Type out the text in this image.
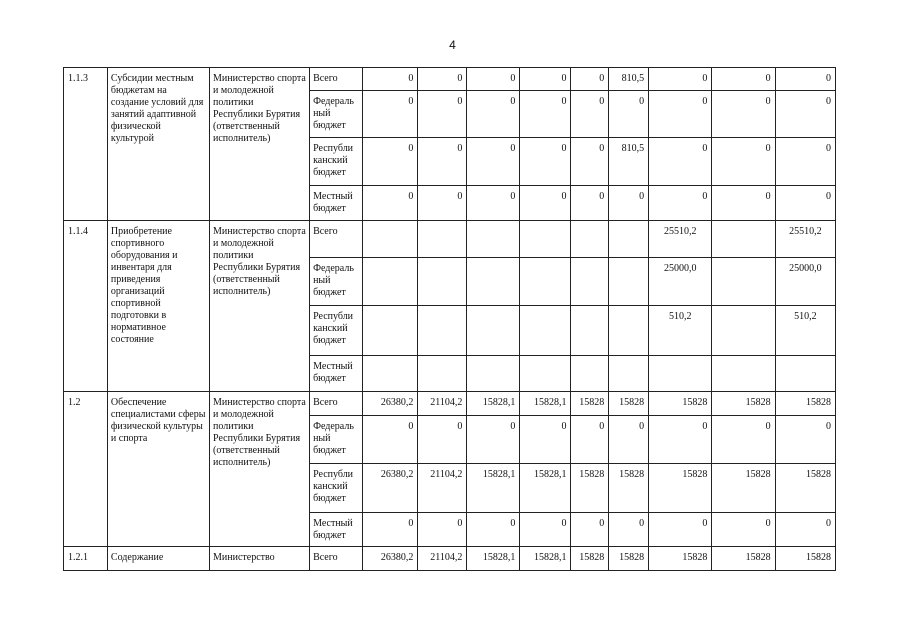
4
1.1.3	Субсидии местным бюджетам на создание условий для занятий адаптивной физической культурой	Министерство спорта и молодежной политики Республики Бурятия (ответственный исполнитель)	Всего	0	0	0	0	0	810,5	0	0	0
			Федераль ный бюджет	0	0	0	0	0	0	0	0	0
			Республи канский бюджет	0	0	0	0	0	810,5	0	0	0
			Местный бюджет	0	0	0	0	0	0	0	0	0
1.1.4	Приобретение спортивного оборудования и инвентаря для приведения организаций спортивной подготовки в нормативное состояние	Министерство спорта и молодежной политики Республики Бурятия (ответственный исполнитель)	Всего							25510,2		25510,2
			Федераль ный бюджет							25000,0		25000,0
			Республи канский бюджет							510,2		510,2
			Местный бюджет									
1.2	Обеспечение специалистами сферы физической культуры и спорта	Министерство спорта и молодежной политики Республики Бурятия (ответственный исполнитель)	Всего	26380,2	21104,2	15828,1	15828,1	15828	15828	15828	15828	15828
			Федераль ный бюджет	0	0	0	0	0	0	0	0	0
			Республи канский бюджет	26380,2	21104,2	15828,1	15828,1	15828	15828	15828	15828	15828
			Местный бюджет	0	0	0	0	0	0	0	0	0
1.2.1	Содержание	Министерство	Всего	26380,2	21104,2	15828,1	15828,1	15828	15828	15828	15828	15828
